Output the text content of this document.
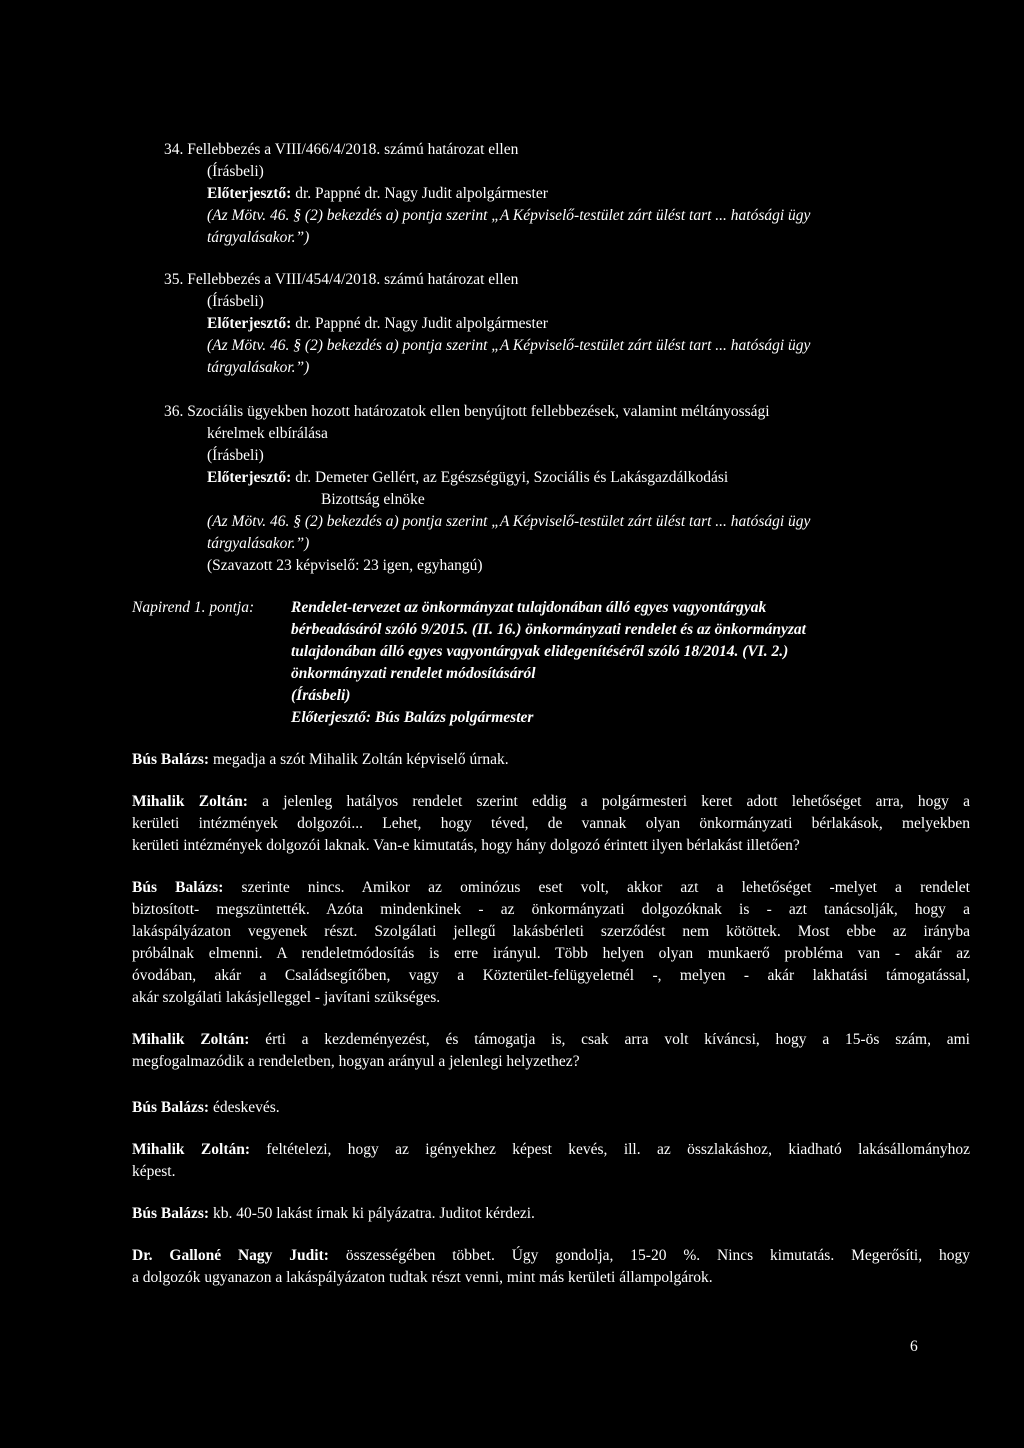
34. Fellebbezés a VIII/466/4/2018. számú határozat ellen
(Írásbeli)
Előterjesztő: dr. Pappné dr. Nagy Judit alpolgármester
(Az Mötv. 46. § (2) bekezdés a) pontja szerint „A Képviselő-testület zárt ülést tart ... hatósági ügy
tárgyalásakor.”)
35. Fellebbezés a VIII/454/4/2018. számú határozat ellen
(Írásbeli)
Előterjesztő: dr. Pappné dr. Nagy Judit alpolgármester
(Az Mötv. 46. § (2) bekezdés a) pontja szerint „A Képviselő-testület zárt ülést tart ... hatósági ügy
tárgyalásakor.”)
36. Szociális ügyekben hozott határozatok ellen benyújtott fellebbezések, valamint méltányossági
kérelmek elbírálása
(Írásbeli)
Előterjesztő: dr. Demeter Gellért, az Egészségügyi, Szociális és Lakásgazdálkodási
Bizottság elnöke
(Az Mötv. 46. § (2) bekezdés a) pontja szerint „A Képviselő-testület zárt ülést tart ... hatósági ügy
tárgyalásakor.”)
(Szavazott 23 képviselő: 23 igen, egyhangú)
Napirend 1. pontja: Rendelet-tervezet az önkormányzat tulajdonában álló egyes vagyontárgyak
bérbeadásáról szóló 9/2015. (II. 16.) önkormányzati rendelet és az önkormányzat
tulajdonában álló egyes vagyontárgyak elidegenítéséről szóló 18/2014. (VI. 2.)
önkormányzati rendelet módosításáról
(Írásbeli)
Előterjesztő: Bús Balázs polgármester
Bús Balázs: megadja a szót Mihalik Zoltán képviselő úrnak.
Mihalik Zoltán: a jelenleg hatályos rendelet szerint eddig a polgármesteri keret adott lehetőséget arra, hogy a
kerületi intézmények dolgozói... Lehet, hogy téved, de vannak olyan önkormányzati bérlakások, melyekben
kerületi intézmények dolgozói laknak. Van-e kimutatás, hogy hány dolgozó érintett ilyen bérlakást illetően?
Bús Balázs: szerinte nincs. Amikor az ominózus eset volt, akkor azt a lehetőséget -melyet a rendelet
biztosított- megszüntették. Azóta mindenkinek - az önkormányzati dolgozóknak is - azt tanácsolják, hogy a
lakáspályázaton vegyenek részt. Szolgálati jellegű lakásbérleti szerződést nem kötöttek. Most ebbe az irányba
próbálnak elmenni. A rendeletmódosítás is erre irányul. Több helyen olyan munkaerő probléma van - akár az
óvodában, akár a Családsegítőben, vagy a Közterület-felügyeletnél -, melyen - akár lakhatási támogatással,
akár szolgálati lakásjelleggel - javítani szükséges.
Mihalik Zoltán: érti a kezdeményezést, és támogatja is, csak arra volt kíváncsi, hogy a 15-ös szám, ami
megfogalmazódik a rendeletben, hogyan arányul a jelenlegi helyzethez?
Bús Balázs: édeskevés.
Mihalik Zoltán: feltételezi, hogy az igényekhez képest kevés, ill. az összlakáshoz, kiadható lakásállományhoz
képest.
Bús Balázs: kb. 40-50 lakást írnak ki pályázatra. Juditot kérdezi.
Dr. Galloné Nagy Judit: összességében többet. Úgy gondolja, 15-20 %. Nincs kimutatás. Megerősíti, hogy
a dolgozók ugyanazon a lakáspályázaton tudtak részt venni, mint más kerületi állampolgárok.
6
